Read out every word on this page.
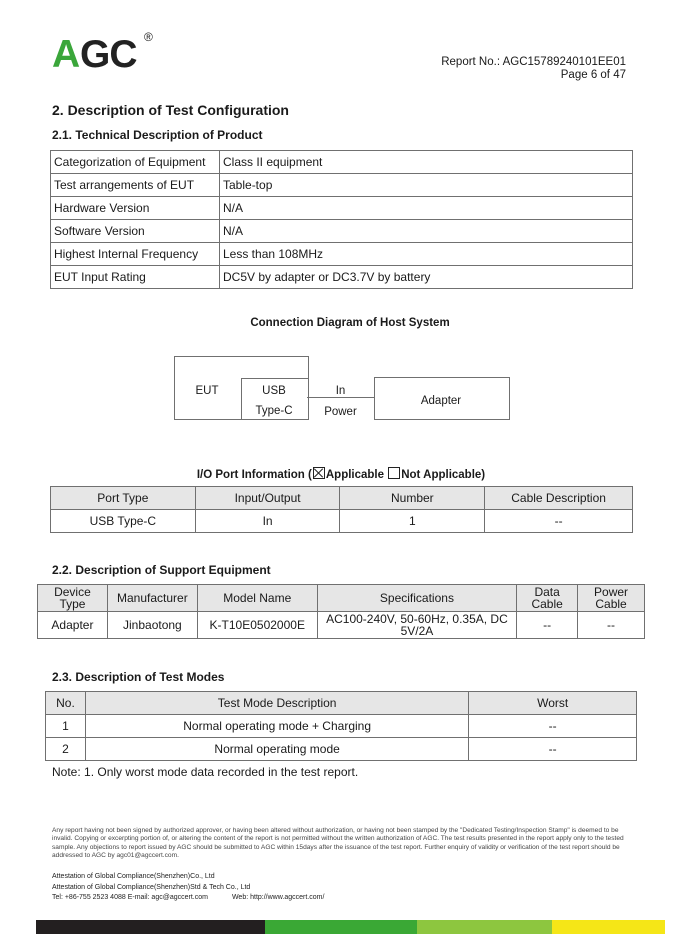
A GC ®
Report No.: AGC15789240101EE01
Page 6 of 47
2. Description of Test Configuration
2.1. Technical Description of Product
Categorization of Equipment	Class II equipment
Test arrangements of EUT	Table-top
Hardware Version	N/A
Software Version	N/A
Highest Internal Frequency	Less than 108MHz
EUT Input Rating	DC5V by adapter or DC3.7V by battery
Connection Diagram of Host System
EUT	USB
Type-C
In
Power
Adapter
I/O Port Information ( Applicable Not Applicable)
Port Type	Input/Output	Number	Cable Description
USB Type-C	In	1	--
2.2. Description of Support Equipment
Device Type	Manufacturer	Model Name	Specifications	Data Cable	Power Cable
Adapter	Jinbaotong	K-T10E0502000E	AC100-240V, 50-60Hz, 0.35A, DC 5V/2A	--	--
2.3. Description of Test Modes
No.	Test Mode Description	Worst
1	Normal operating mode + Charging	--
2	Normal operating mode	--
Note: 1. Only worst mode data recorded in the test report.
Any report having not been signed by authorized approver, or having been altered without authorization, or having not been stamped by the "Dedicated Testing/Inspection Stamp" is deemed to be invalid. Copying or excerpting portion of, or altering the content of the report is not permitted without the written authorization of AGC. The test results presented in the report apply only to the tested sample. Any objections to report issued by AGC should be submitted to AGC within 15days after the issuance of the test report. Further enquiry of validity or verification of the test report should be addressed to AGC by agc01@agccert.com.
Attestation of Global Compliance(Shenzhen)Co., Ltd
Attestation of Global Compliance(Shenzhen)Std & Tech Co., Ltd
Tel: +86-755 2523 4088 E-mail: agc@agccert.com	Web: http://www.agccert.com/
